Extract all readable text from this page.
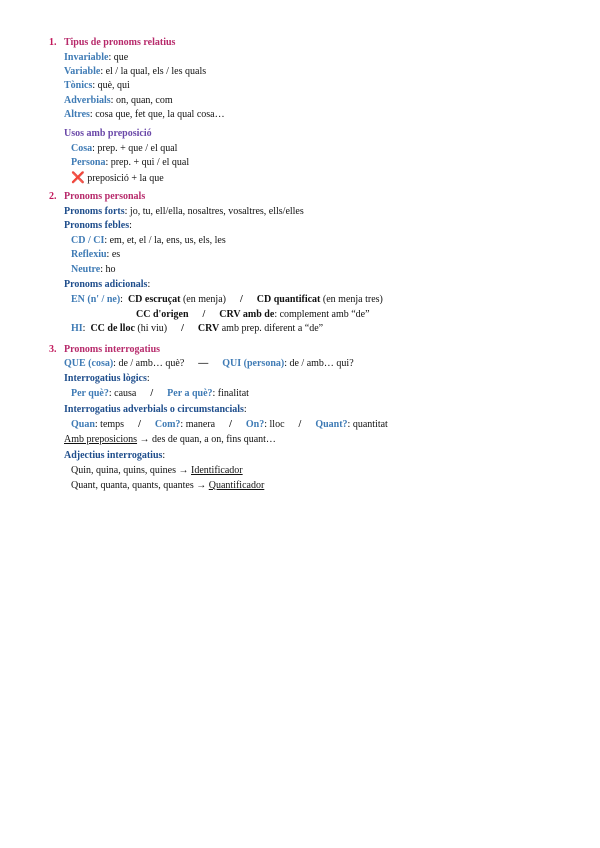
1. Tipus de pronoms relatius
Invariable: que
Variable: el / la qual, els / les quals
Tònics: què, qui
Adverbials: on, quan, com
Altres: cosa que, fet que, la qual cosa…
Usos amb preposició
Cosa: prep. + que / el qual
Persona: prep. + qui / el qual
❌ preposició + la que
2. Pronoms personals
Pronoms forts: jo, tu, ell/ella, nosaltres, vosaltres, ells/elles
Pronoms febles:
CD / CI: em, et, el / la, ens, us, els, les
Reflexiu: es
Neutre: ho
Pronoms adicionals:
EN (n' / ne): CD escruçat (en menja) / CD quantificat (en menja tres)
CC d'origen / CRV amb de: complement amb “de”
HI: CC de lloc (hi viu) / CRV amb prep. diferent a “de”
3. Pronoms interrogatius
QUE (cosa): de / amb… què? — QUI (persona): de / amb… qui?
Interrogatius lògics:
Per què?: causa / Per a què?: finalitat
Interrogatius adverbials o circumstancials:
Quan: temps / Com?: manera / On?: lloc / Quant?: quantitat
Amb preposicions → des de quan, a on, fins quant…
Adjectius interrogatius:
Quin, quina, quins, quines → Identificador
Quant, quanta, quants, quantes → Quantificador
